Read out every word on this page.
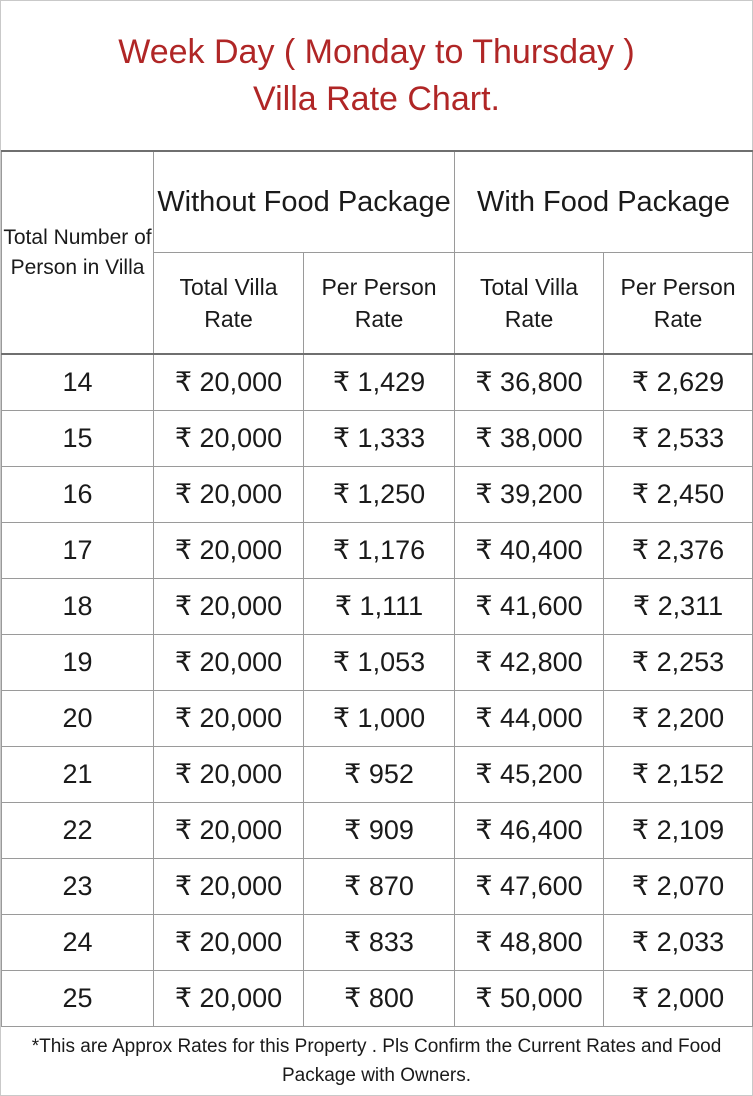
Week Day ( Monday to Thursday )
Villa Rate Chart.
Total Number of Person in Villa	Without Food Package		With Food Package	
	Total Villa Rate	Per Person Rate	Total Villa Rate	Per Person Rate
14	₹ 20,000	₹ 1,429	₹ 36,800	₹ 2,629
15	₹ 20,000	₹ 1,333	₹ 38,000	₹ 2,533
16	₹ 20,000	₹ 1,250	₹ 39,200	₹ 2,450
17	₹ 20,000	₹ 1,176	₹ 40,400	₹ 2,376
18	₹ 20,000	₹ 1,111	₹ 41,600	₹ 2,311
19	₹ 20,000	₹ 1,053	₹ 42,800	₹ 2,253
20	₹ 20,000	₹ 1,000	₹ 44,000	₹ 2,200
21	₹ 20,000	₹ 952	₹ 45,200	₹ 2,152
22	₹ 20,000	₹ 909	₹ 46,400	₹ 2,109
23	₹ 20,000	₹ 870	₹ 47,600	₹ 2,070
24	₹ 20,000	₹ 833	₹ 48,800	₹ 2,033
25	₹ 20,000	₹ 800	₹ 50,000	₹ 2,000
*This are Approx Rates for this Property . Pls Confirm the Current Rates and Food Package with Owners.
